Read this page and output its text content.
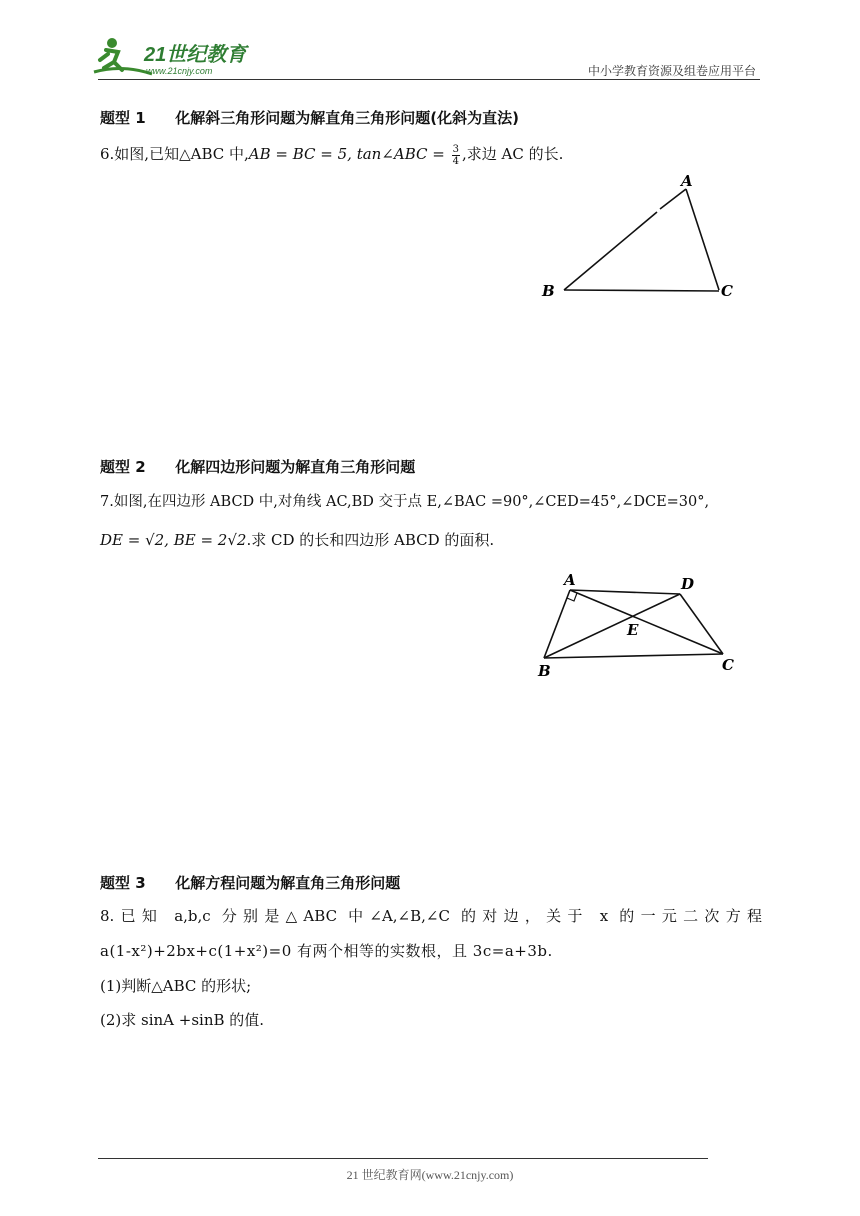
21世纪教育
www.21cnjy.com	中小学教育资源及组卷应用平台
题型 1 化解斜三角形问题为解直角三角形问题(化斜为直法)
6.如图,已知△ABC 中,AB = BC = 5, tan∠ABC = $\frac{3}{4}$ ,求边 AC 的长.
A
B	C
题型 2 化解四边形问题为解直角三角形问题
7.如图,在四边形 ABCD 中,对角线 AC,BD 交于点 E,∠BAC =90°,∠CED=45°,∠DCE=30°,
DE = √2, BE = 2√2.求 CD 的长和四边形 ABCD 的面积.
A	D
E
B	C
题型 3 化解方程问题为解直角三角形问题
8.已知 a,b,c 分别是△ABC 中∠A,∠B,∠C 的对边，关于 x 的一元二次方程
a(1-x²)+2bx+c(1+x²)=0 有两个相等的实数根，且 3c=a+3b.
(1)判断△ABC 的形状;
(2)求 sinA +sinB 的值.
21 世纪教育网(www.21cnjy.com)
